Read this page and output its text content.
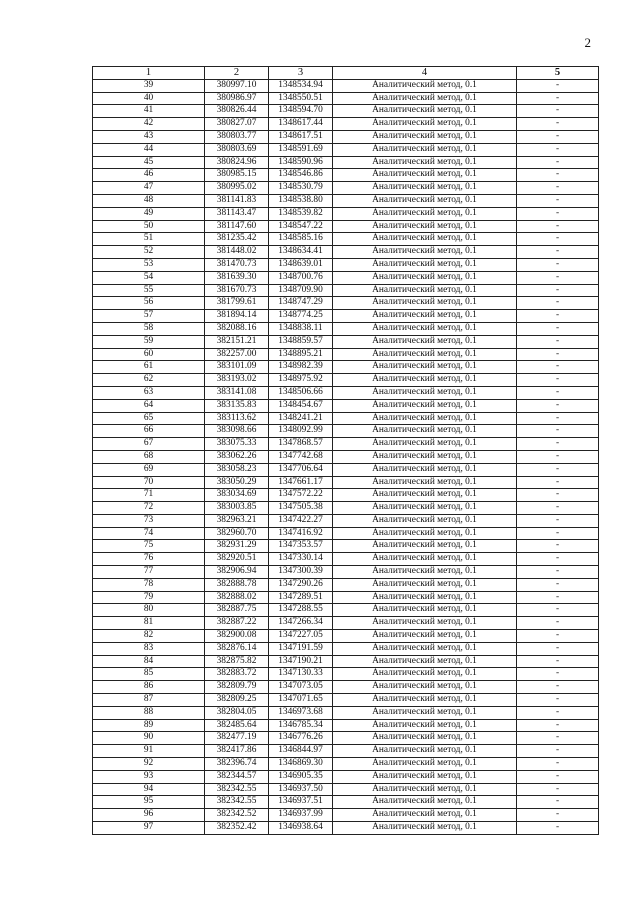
2
1	2	3	4	5
39	380997.10	1348534.94	Аналитический метод, 0.1	-
40	380986.97	1348550.51	Аналитический метод, 0.1	-
41	380826.44	1348594.70	Аналитический метод, 0.1	-
42	380827.07	1348617.44	Аналитический метод, 0.1	-
43	380803.77	1348617.51	Аналитический метод, 0.1	-
44	380803.69	1348591.69	Аналитический метод, 0.1	-
45	380824.96	1348590.96	Аналитический метод, 0.1	-
46	380985.15	1348546.86	Аналитический метод, 0.1	-
47	380995.02	1348530.79	Аналитический метод, 0.1	-
48	381141.83	1348538.80	Аналитический метод, 0.1	-
49	381143.47	1348539.82	Аналитический метод, 0.1	-
50	381147.60	1348547.22	Аналитический метод, 0.1	-
51	381235.42	1348585.16	Аналитический метод, 0.1	-
52	381448.02	1348634.41	Аналитический метод, 0.1	-
53	381470.73	1348639.01	Аналитический метод, 0.1	-
54	381639.30	1348700.76	Аналитический метод, 0.1	-
55	381670.73	1348709.90	Аналитический метод, 0.1	-
56	381799.61	1348747.29	Аналитический метод, 0.1	-
57	381894.14	1348774.25	Аналитический метод, 0.1	-
58	382088.16	1348838.11	Аналитический метод, 0.1	-
59	382151.21	1348859.57	Аналитический метод, 0.1	-
60	382257.00	1348895.21	Аналитический метод, 0.1	-
61	383101.09	1348982.39	Аналитический метод, 0.1	-
62	383193.02	1348975.92	Аналитический метод, 0.1	-
63	383141.08	1348506.66	Аналитический метод, 0.1	-
64	383135.83	1348454.67	Аналитический метод, 0.1	-
65	383113.62	1348241.21	Аналитический метод, 0.1	-
66	383098.66	1348092.99	Аналитический метод, 0.1	-
67	383075.33	1347868.57	Аналитический метод, 0.1	-
68	383062.26	1347742.68	Аналитический метод, 0.1	-
69	383058.23	1347706.64	Аналитический метод, 0.1	-
70	383050.29	1347661.17	Аналитический метод, 0.1	-
71	383034.69	1347572.22	Аналитический метод, 0.1	-
72	383003.85	1347505.38	Аналитический метод, 0.1	-
73	382963.21	1347422.27	Аналитический метод, 0.1	-
74	382960.70	1347416.92	Аналитический метод, 0.1	-
75	382931.29	1347353.57	Аналитический метод, 0.1	-
76	382920.51	1347330.14	Аналитический метод, 0.1	-
77	382906.94	1347300.39	Аналитический метод, 0.1	-
78	382888.78	1347290.26	Аналитический метод, 0.1	-
79	382888.02	1347289.51	Аналитический метод, 0.1	-
80	382887.75	1347288.55	Аналитический метод, 0.1	-
81	382887.22	1347266.34	Аналитический метод, 0.1	-
82	382900.08	1347227.05	Аналитический метод, 0.1	-
83	382876.14	1347191.59	Аналитический метод, 0.1	-
84	382875.82	1347190.21	Аналитический метод, 0.1	-
85	382883.72	1347130.33	Аналитический метод, 0.1	-
86	382809.79	1347073.05	Аналитический метод, 0.1	-
87	382809.25	1347071.65	Аналитический метод, 0.1	-
88	382804.05	1346973.68	Аналитический метод, 0.1	-
89	382485.64	1346785.34	Аналитический метод, 0.1	-
90	382477.19	1346776.26	Аналитический метод, 0.1	-
91	382417.86	1346844.97	Аналитический метод, 0.1	-
92	382396.74	1346869.30	Аналитический метод, 0.1	-
93	382344.57	1346905.35	Аналитический метод, 0.1	-
94	382342.55	1346937.50	Аналитический метод, 0.1	-
95	382342.55	1346937.51	Аналитический метод, 0.1	-
96	382342.52	1346937.99	Аналитический метод, 0.1	-
97	382352.42	1346938.64	Аналитический метод, 0.1	-
